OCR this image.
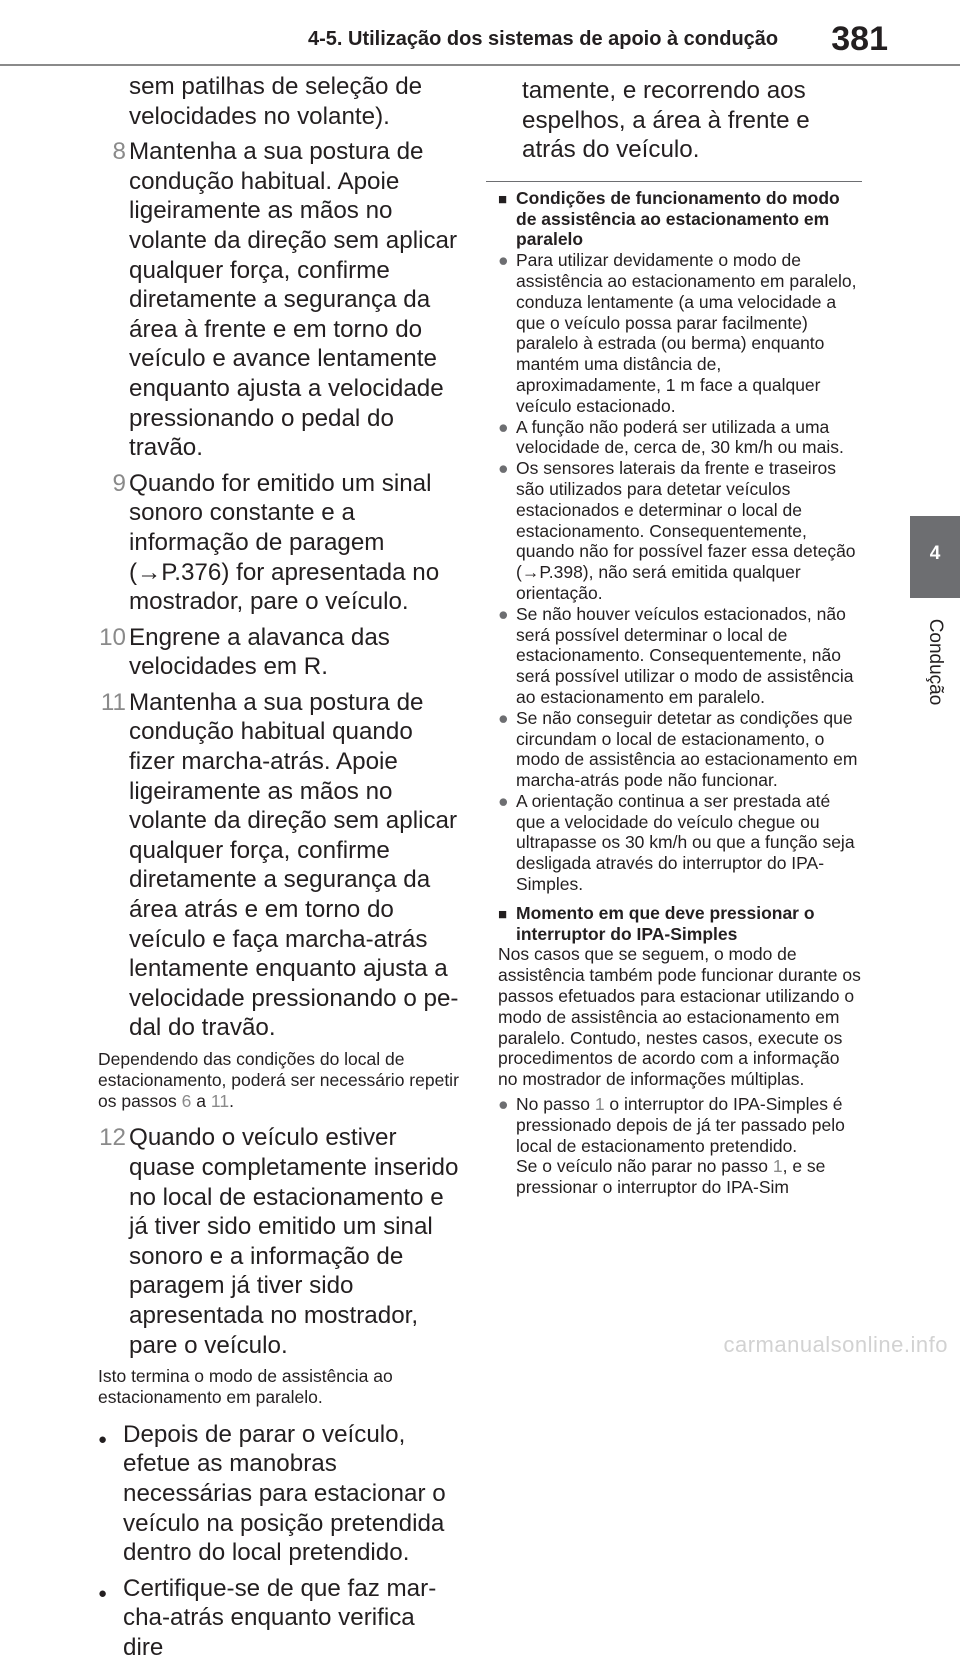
4-5. Utilização dos sistemas de apoio à condução 381
4
Condução
sem patilhas de seleção de velocidades no volante).
8 Mantenha a sua postura de condução habitual. Apoie ligeiramente as mãos no volante da direção sem aplicar qualquer força, confirme diretamente a segurança da área à frente e em torno do veículo e avance lentamente enquanto ajusta a velocidade pressionando o pedal do travão.
9 Quando for emitido um sinal sonoro constante e a informação de paragem (→P.376) for apresentada no mostrador, pare o veículo.
10 Engrene a alavanca das velocidades em R.
11 Mantenha a sua postura de condução habitual quando fizer marcha-atrás. Apoie ligeiramente as mãos no volante da direção sem aplicar qualquer força, confirme diretamente a segurança da área atrás e em torno do veículo e faça marcha-atrás lentamente enquanto ajusta a velocidade pressionando o pedal do travão.
Dependendo das condições do local de estacionamento, poderá ser necessário repetir os passos 6 a 11.
12 Quando o veículo estiver quase completamente inserido no local de estacionamento e já tiver sido emitido um sinal sonoro e a informação de paragem já tiver sido apresentada no mostrador, pare o veículo.
Isto termina o modo de assistência ao estacionamento em paralelo.
● Depois de parar o veículo, efetue as manobras necessárias para estacionar o veículo na posição pretendida dentro do local pretendido.
● Certifique-se de que faz marcha-atrás enquanto verifica dire
tamente, e recorrendo aos espelhos, a área à frente e atrás do veículo.
■ Condições de funcionamento do modo de assistência ao estacionamento em paralelo
● Para utilizar devidamente o modo de assistência ao estacionamento em paralelo, conduza lentamente (a uma velocidade a que o veículo possa parar facilmente) paralelo à estrada (ou berma) enquanto mantém uma distância de, aproximadamente, 1 m face a qualquer veículo estacionado.
● A função não poderá ser utilizada a uma velocidade de, cerca de, 30 km/h ou mais.
● Os sensores laterais da frente e traseiros são utilizados para detetar veículos estacionados e determinar o local de estacionamento. Consequentemente, quando não for possível fazer essa deteção (→P.398), não será emitida qualquer orientação.
● Se não houver veículos estacionados, não será possível determinar o local de estacionamento. Consequentemente, não será possível utilizar o modo de assistência ao estacionamento em paralelo.
● Se não conseguir detetar as condições que circundam o local de estacionamento, o modo de assistência ao estacionamento em marcha-atrás pode não funcionar.
● A orientação continua a ser prestada até que a velocidade do veículo chegue ou ultrapasse os 30 km/h ou que a função seja desligada através do interruptor do IPA-Simples.
■ Momento em que deve pressionar o interruptor do IPA-Simples
Nos casos que se seguem, o modo de assistência também pode funcionar durante os passos efetuados para estacionar utilizando o modo de assistência ao estacionamento em paralelo. Contudo, nestes casos, execute os procedimentos de acordo com a informação no mostrador de informações múltiplas.
● No passo 1 o interruptor do IPA-Simples é pressionado depois de já ter passado pelo local de estacionamento pretendido.
Se o veículo não parar no passo 1, e se pressionar o interruptor do IPA-Sim
carmanualsonline.info
